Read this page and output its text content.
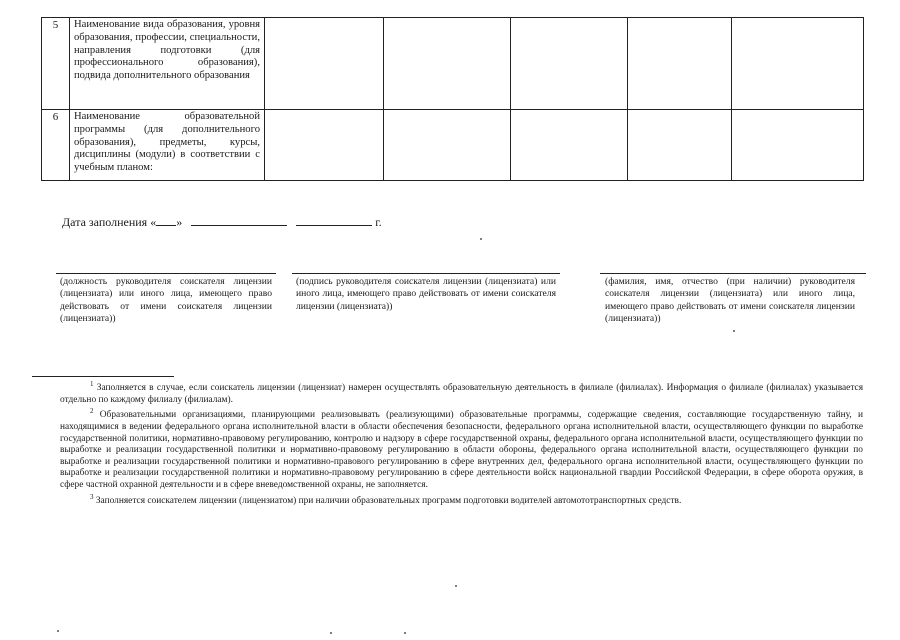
5	Наименование вида образования, уровня образования, профессии, специальности, направления подготовки (для профессионального образования), подвида дополнительного образования					
6	Наименование образовательной программы (для дополнительного образования), предметы, курсы, дисциплины (модули) в соответствии с учебным планом:					
Дата заполнения « »	г.
(должность руководителя соискателя лицензии (лицензиата) или иного лица, имеющего право действовать от имени соискателя лицензии (лицензиата))
(подпись руководителя соискателя лицензии (лицензиата) или иного лица, имеющего право действовать от имени соискателя лицензии (лицензиата))
(фамилия, имя, отчество (при наличии) руководителя соискателя лицензии (лицензиата) или иного лица, имеющего право действовать от имени соискателя лицензии (лицензиата))

$^1$ Заполняется в случае, если соискатель лицензии (лицензиат) намерен осуществлять образовательную деятельность в филиале (филиалах). Информация о филиале (филиалах) указывается отдельно по каждому филиалу (филиалам).

$^2$ Образовательными организациями, планирующими реализовывать (реализующими) образовательные программы, содержащие сведения, составляющие государственную тайну, и находящимися в ведении федерального органа исполнительной власти в области обеспечения безопасности, федерального органа исполнительной власти, осуществляющего функции по выработке государственной политики, нормативно-правовому регулированию, контролю и надзору в сфере государственной охраны, федерального органа исполнительной власти, осуществляющего функции по выработке и реализации государственной политики и нормативно-правовому регулированию в области обороны, федерального органа исполнительной власти, осуществляющего функции по выработке и реализации государственной политики и нормативно-правового регулированию в сфере внутренних дел, федерального органа исполнительной власти, осуществляющего функции по выработке и реализации государственной политики и нормативно-правовому регулированию в сфере деятельности войск национальной гвардии Российской Федерации, в сфере оборота оружия, в сфере частной охранной деятельности и в сфере вневедомственной охраны, не заполняется.

$^3$ Заполняется соискателем лицензии (лицензиатом) при наличии образовательных программ подготовки водителей автомототранспортных средств.
